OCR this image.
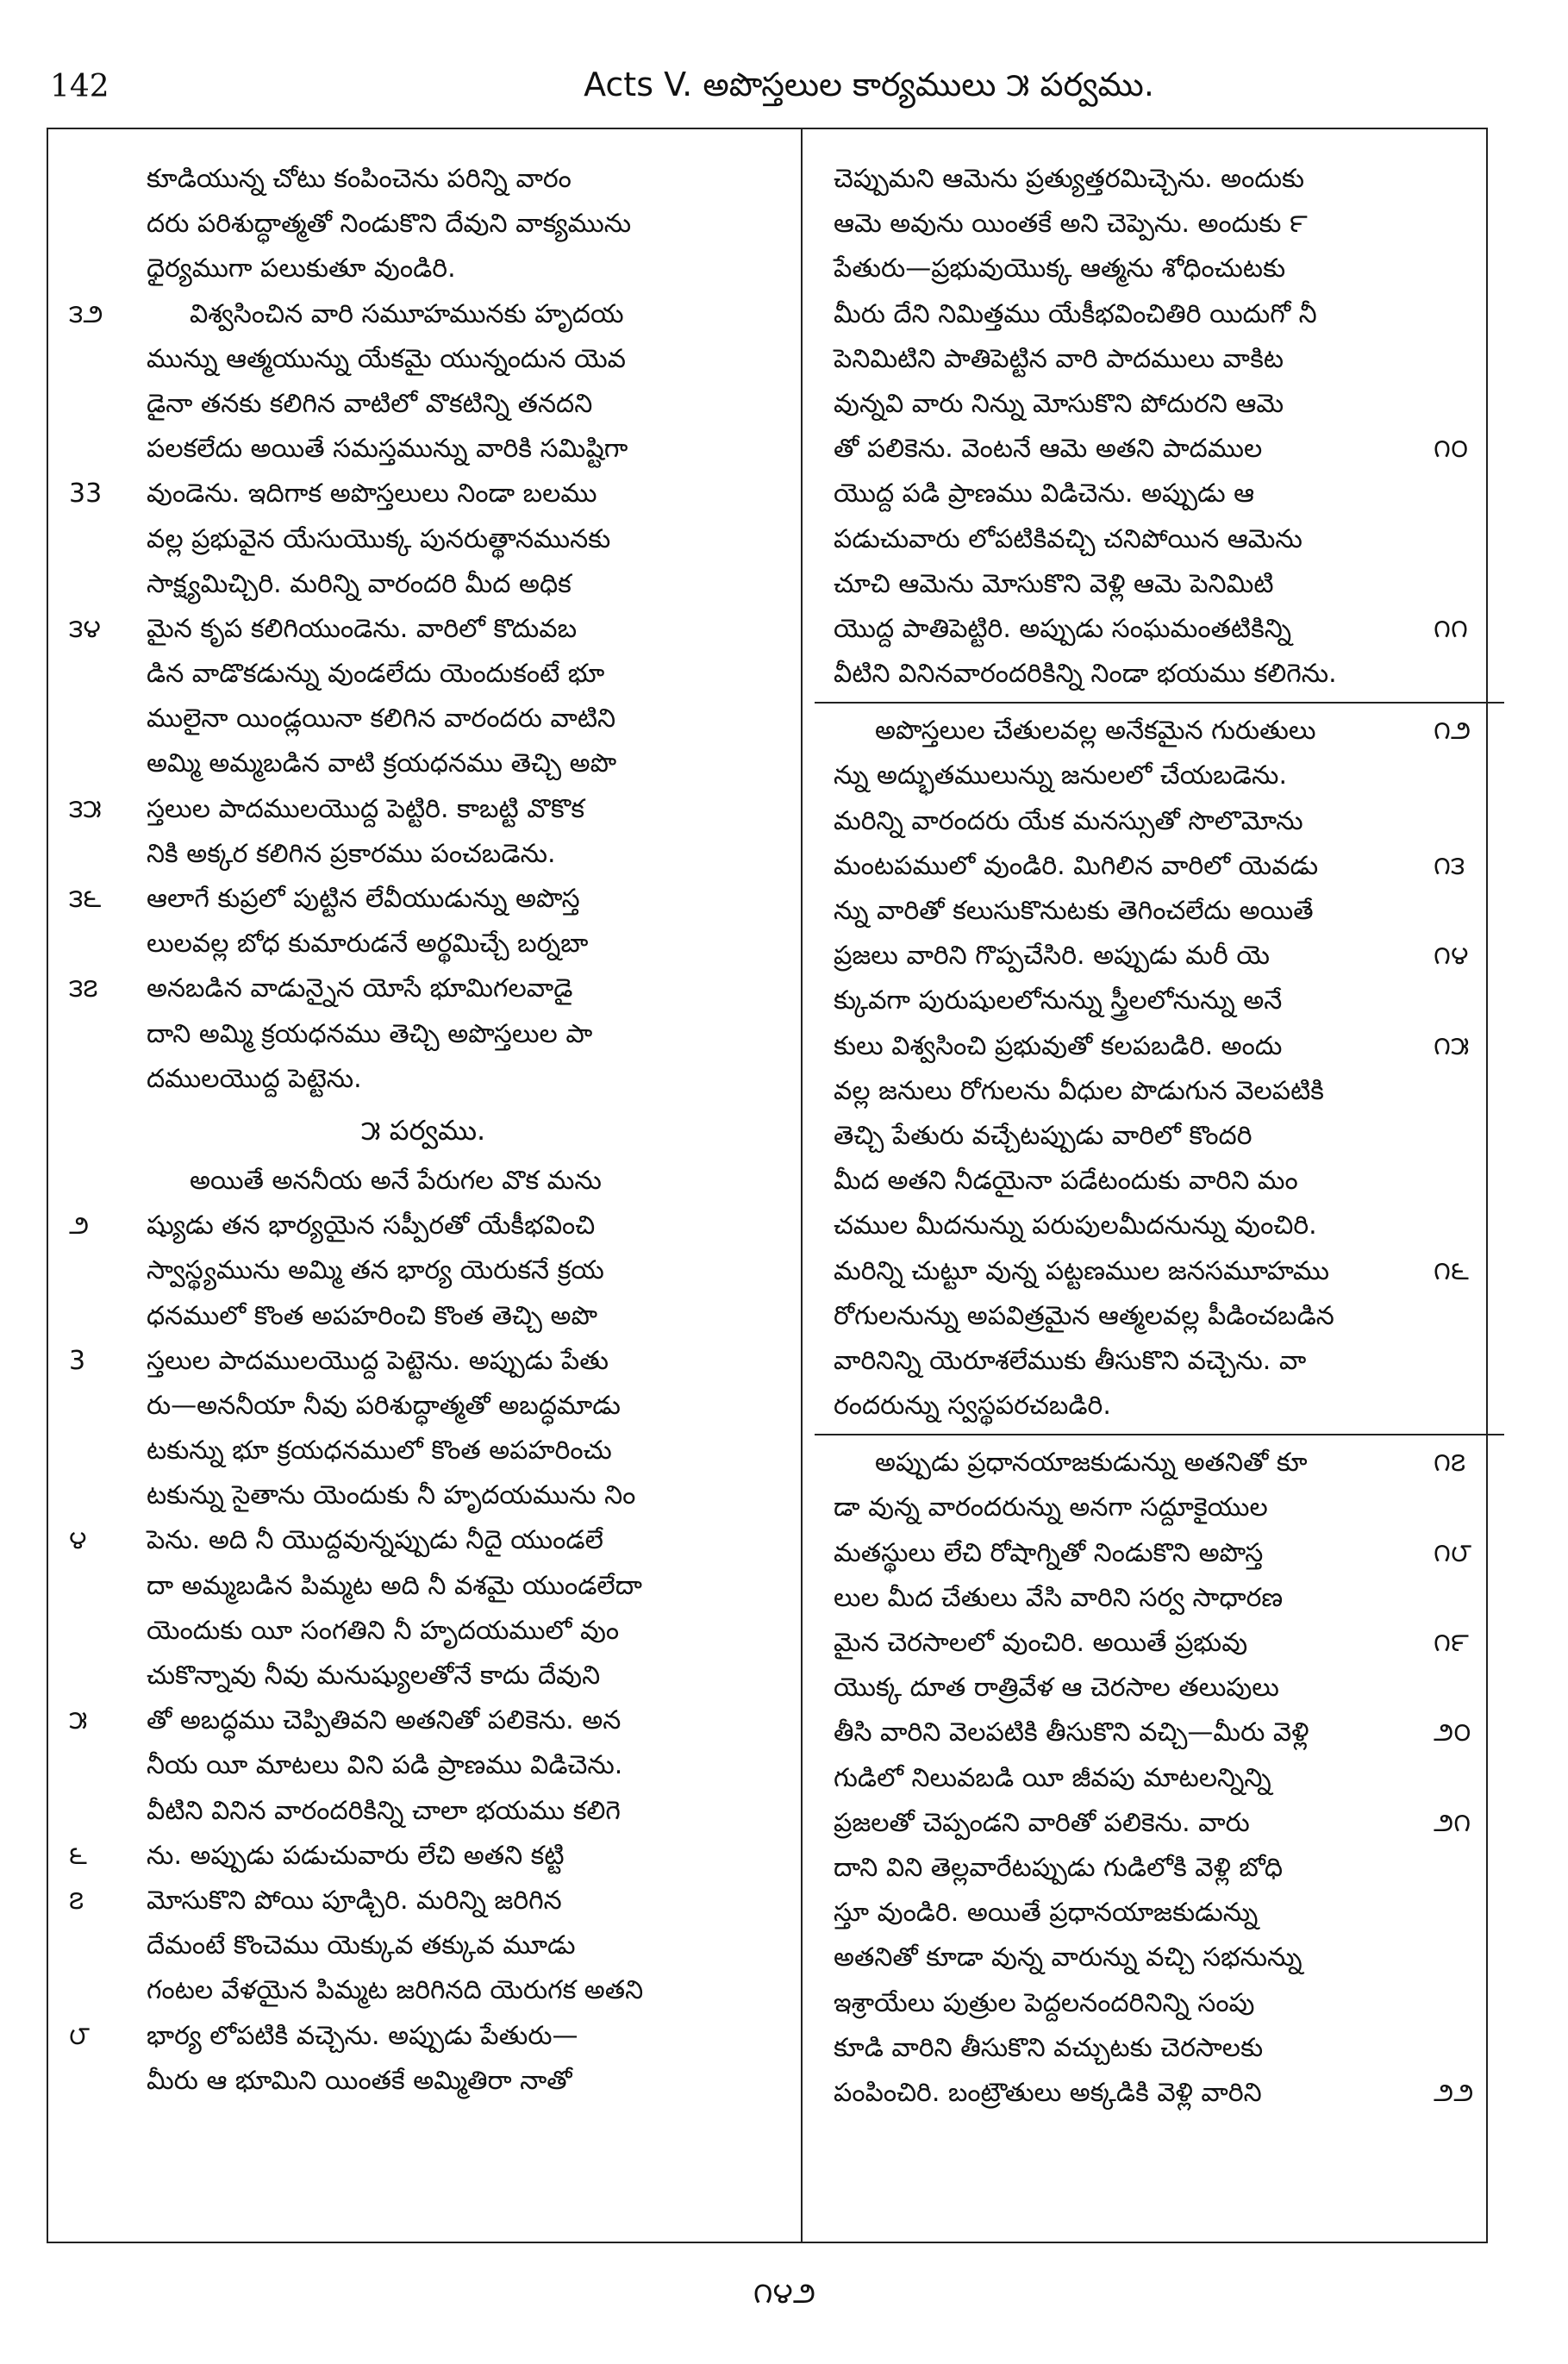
142	Acts V. అపొస్తలుల కార్యములు ౫ పర్వము.
కూడియున్న చోటు కంపించెను పరిన్ని వారం
దరు పరిశుద్ధాత్మతో నిండుకొని దేవుని వాక్యమును
ధైర్యముగా పలుకుతూ వుండిరి.
౩౨	విశ్వసించిన వారి సమూహమునకు హృదయ
మున్ను ఆత్మయున్ను యేకమై యున్నందున యెవ
డైనా తనకు కలిగిన వాటిలో వొకటిన్ని తనదని
పలకలేదు అయితే సమస్తమున్ను వారికి సమిష్టిగా
33 వుండెను. ఇదిగాక అపొస్తలులు నిండా బలము
వల్ల ప్రభువైన యేసుయొక్క పునరుత్థానమునకు
సాక్ష్యమిచ్చిరి. మరిన్ని వారందరి మీద అధిక
౩౪ మైన కృప కలిగియుండెను. వారిలో కొదువబ
డిన వాడొకడున్ను వుండలేదు యెందుకంటే భూ
ములైనా యిండ్లయినా కలిగిన వారందరు వాటిని
అమ్మి అమ్మబడిన వాటి క్రయధనము తెచ్చి అపొ
౩౫ స్తలుల పాదములయొద్ద పెట్టిరి. కాబట్టి వొకొక
నికి అక్కర కలిగిన ప్రకారము పంచబడెను.
౩౬ ఆలాగే కుప్రలో పుట్టిన లేవీయుడున్ను అపొస్త
లులవల్ల బోధ కుమారుడనే అర్థమిచ్చే బర్నబా
౩౭ అనబడిన వాడున్నైన యోసే భూమిగలవాడై
దాని అమ్మి క్రయధనము తెచ్చి అపొస్తలుల పా
దములయొద్ద పెట్టెను.
౫ పర్వము.
అయితే అననీయ అనే పేరుగల వొక మను
౨ ష్యుడు తన భార్యయైన సప్పీరతో యేకీభవించి
స్వాస్థ్యమును అమ్మి తన భార్య యెరుకనే క్రయ
ధనములో కొంత అపహరించి కొంత తెచ్చి అపొ
3 స్తలుల పాదములయొద్ద పెట్టెను. అప్పుడు పేతు
రు—అననీయా నీవు పరిశుద్ధాత్మతో అబద్ధమాడు
టకున్ను భూ క్రయధనములో కొంత అపహరించు
టకున్ను సైతాను యెందుకు నీ హృదయమును నిం
౪ పెను. అది నీ యొద్దవున్నప్పుడు నీదై యుండలే
దా అమ్మబడిన పిమ్మట అది నీ వశమై యుండలేదా
యెందుకు యీ సంగతిని నీ హృదయములో వుం
చుకొన్నావు నీవు మనుష్యులతోనే కాదు దేవుని
౫ తో అబద్ధము చెప్పితివని అతనితో పలికెను. అన
నీయ యీ మాటలు విని పడి ప్రాణము విడిచెను.
వీటిని వినిన వారందరికిన్ని చాలా భయము కలిగె
౬ ను. అప్పుడు పడుచువారు లేచి అతని కట్టి
౭ మోసుకొని పోయి పూడ్చిరి. మరిన్ని జరిగిన
దేమంటే కొంచెము యెక్కువ తక్కువ మూడు
గంటల వేళయైన పిమ్మట జరిగినది యెరుగక అతని
౮ భార్య లోపటికి వచ్చెను. అప్పుడు పేతురు—
మీరు ఆ భూమిని యింతకే అమ్మితిరా నాతో
చెప్పుమని ఆమెను ప్రత్యుత్తరమిచ్చెను. అందుకు
ఆమె అవును యింతకే అని చెప్పెను. అందుకు ౯
పేతురు—ప్రభువుయొక్క ఆత్మను శోధించుటకు
మీరు దేని నిమిత్తము యేకీభవించితిరి యిదుగో నీ
పెనిమిటిని పాతిపెట్టిన వారి పాదములు వాకిట
వున్నవి వారు నిన్ను మోసుకొని పోదురని ఆమె
౧౦
తో పలికెను. వెంటనే ఆమె అతని పాదముల
యొద్ద పడి ప్రాణము విడిచెను. అప్పుడు ఆ
పడుచువారు లోపటికివచ్చి చనిపోయిన ఆమెను
చూచి ఆమెను మోసుకొని వెళ్లి ఆమె పెనిమిటి
౧౧
యొద్ద పాతిపెట్టిరి. అప్పుడు సంఘమంతటికిన్ని
వీటిని వినినవారందరికిన్ని నిండా భయము కలిగెను.
౧౨
అపొస్తలుల చేతులవల్ల అనేకమైన గురుతులు
న్ను అద్భుతములున్ను జనులలో చేయబడెను.
మరిన్ని వారందరు యేక మనస్సుతో సొలొమోను
౧౩
మంటపములో వుండిరి. మిగిలిన వారిలో యెవడు
న్ను వారితో కలుసుకొనుటకు తెగించలేదు అయితే
౧౪
ప్రజలు వారిని గొప్పచేసిరి. అప్పుడు మరీ యె
క్కువగా పురుషులలోనున్ను స్త్రీలలోనున్ను అనే
౧౫
కులు విశ్వసించి ప్రభువుతో కలపబడిరి. అందు
వల్ల జనులు రోగులను వీధుల పొడుగున వెలపటికి
తెచ్చి పేతురు వచ్చేటప్పుడు వారిలో కొందరి
మీద అతని నీడయైనా పడేటందుకు వారిని మం
చముల మీదనున్ను పరుపులమీదనున్ను వుంచిరి.
౧౬
మరిన్ని చుట్టూ వున్న పట్టణముల జనసమూహము
రోగులనున్ను అపవిత్రమైన ఆత్మలవల్ల పీడించబడిన
వారినిన్ని యెరూశలేముకు తీసుకొని వచ్చెను. వా
రందరున్ను స్వస్థపరచబడిరి.
౧౭
అప్పుడు ప్రధానయాజకుడున్ను అతనితో కూ
డా వున్న వారందరున్ను అనగా సద్దూకైయుల
౧౮
మతస్థులు లేచి రోషాగ్నితో నిండుకొని అపొస్త
లుల మీద చేతులు వేసి వారిని సర్వ సాధారణ
౧౯
మైన చెరసాలలో వుంచిరి. అయితే ప్రభువు
యొక్క దూత రాత్రివేళ ఆ చెరసాల తలుపులు
౨౦
తీసి వారిని వెలపటికి తీసుకొని వచ్చి—మీరు వెళ్లి
గుడిలో నిలువబడి యీ జీవపు మాటలన్నిన్ని
౨౧
ప్రజలతో చెప్పండని వారితో పలికెను. వారు
దాని విని తెల్లవారేటప్పుడు గుడిలోకి వెళ్లి బోధి
స్తూ వుండిరి. అయితే ప్రధానయాజకుడున్ను
అతనితో కూడా వున్న వారున్ను వచ్చి సభనున్ను
ఇశ్రాయేలు పుత్రుల పెద్దలనందరినిన్ని సంపు
కూడి వారిని తీసుకొని వచ్చుటకు చెరసాలకు
౨౨
పంపించిరి. బంట్రౌతులు అక్కడికి వెళ్లి వారిని
౧౪౨
